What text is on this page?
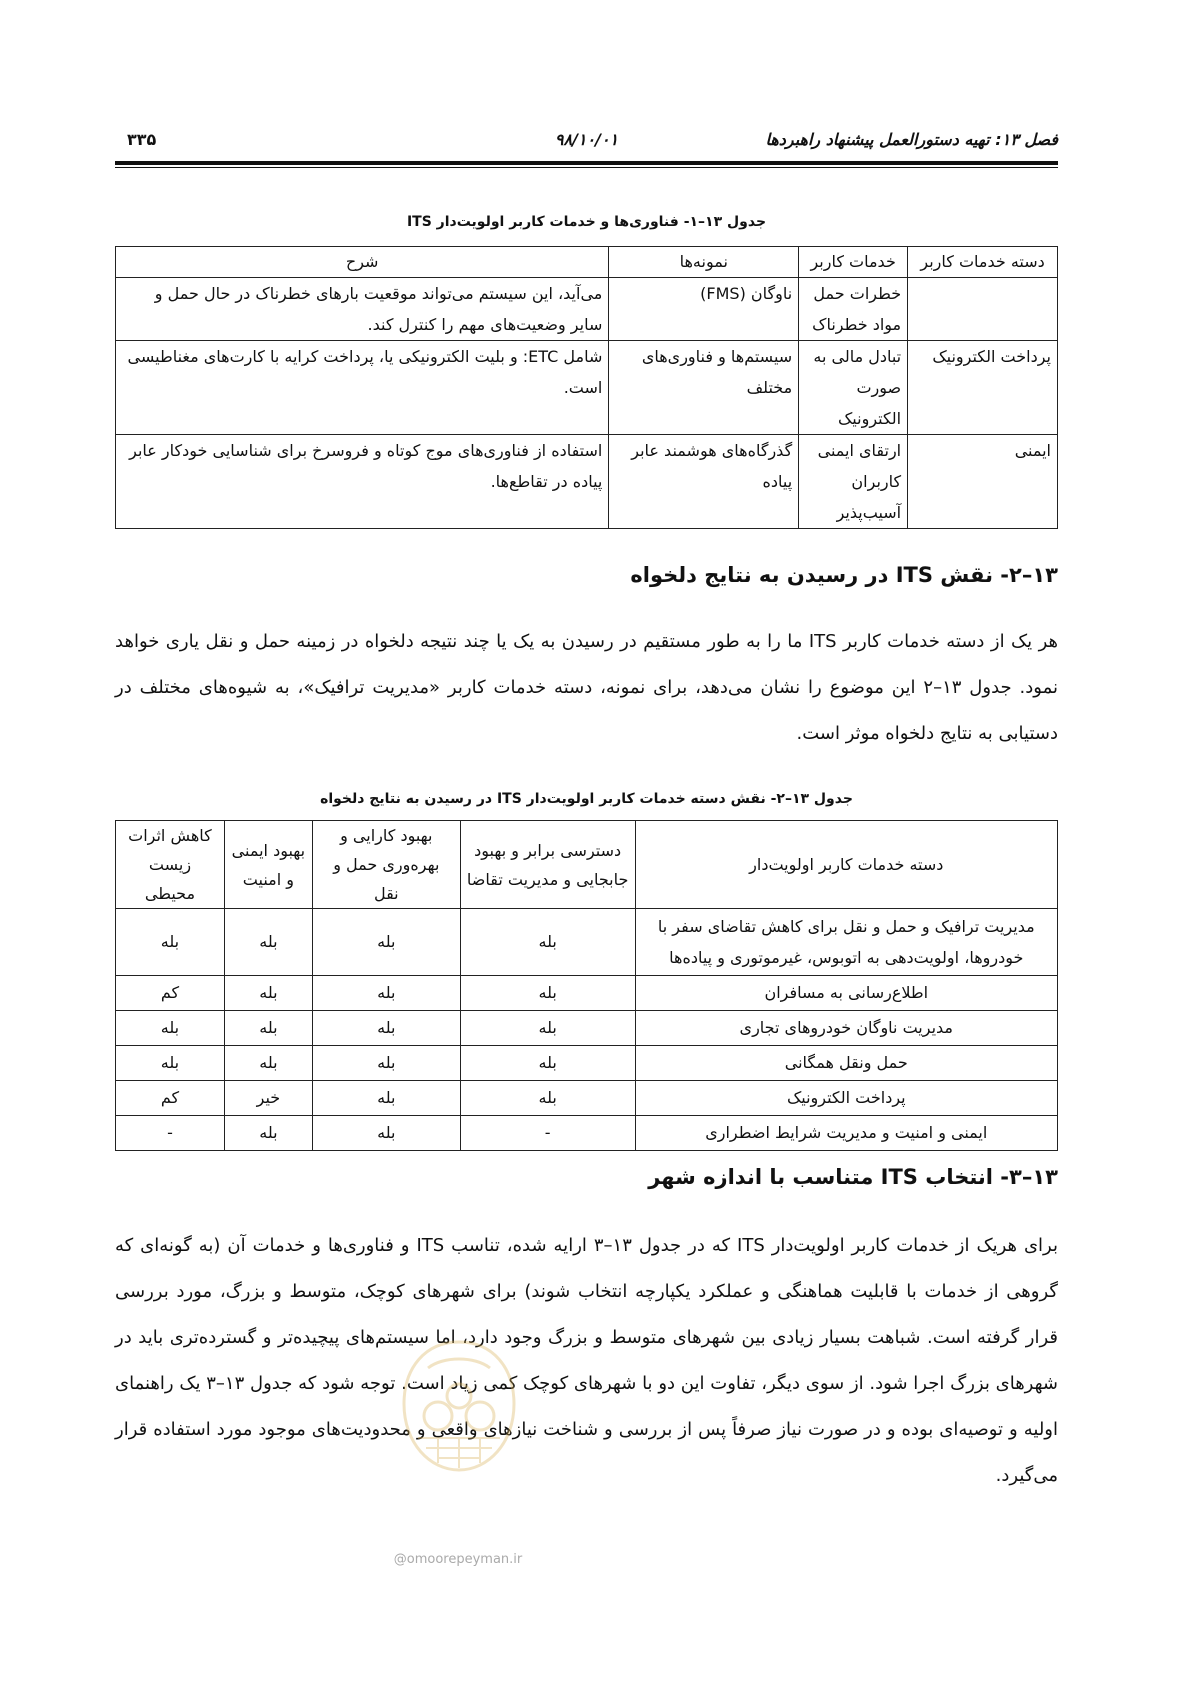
فصل ۱۳: تهیه دستورالعمل پیشنهاد راهبردها
۹۸/۱۰/۰۱
۳۳۵
جدول ۱۳–۱- فناوری‌ها و خدمات کاربر اولویت‌دار ITS
دسته خدمات کاربر	خدمات کاربر	نمونه‌ها	شرح
	خطرات حمل مواد خطرناک	ناوگان (FMS)	می‌آید، این سیستم می‌تواند موقعیت بارهای خطرناک در حال حمل و سایر وضعیت‌های مهم را کنترل کند.
پرداخت الکترونیک	تبادل مالی به صورت الکترونیک	سیستم‌ها و فناوری‌های مختلف	شامل ETC: و بلیت الکترونیکی یا، پرداخت کرایه با کارت‌های مغناطیسی است.
ایمنی	ارتقای ایمنی کاربران آسیب‌پذیر	گذرگاه‌های هوشمند عابر پیاده	استفاده از فناوری‌های موج کوتاه و فروسرخ برای شناسایی خودکار عابر پیاده در تقاطع‌ها.
۱۳–۲- نقش ITS در رسیدن به نتایج دلخواه
هر یک از دسته خدمات کاربر ITS ما را به طور مستقیم در رسیدن به یک یا چند نتیجه دلخواه در زمینه حمل و نقل یاری خواهد نمود. جدول ۱۳–۲ این موضوع را نشان می‌دهد، برای نمونه، دسته خدمات کاربر «مدیریت ترافیک»، به شیوه‌های مختلف در دستیابی به نتایج دلخواه موثر است.
جدول ۱۳–۲- نقش دسته خدمات کاربر اولویت‌دار ITS در رسیدن به نتایج دلخواه
دسته خدمات کاربر اولویت‌دار	دسترسی برابر و بهبود جابجایی و مدیریت تقاضا	بهبود کارایی و بهره‌وری حمل و نقل	بهبود ایمنی و امنیت	کاهش اثرات زیست محیطی
مدیریت ترافیک و حمل و نقل برای کاهش تقاضای سفر با خودروها، اولویت‌دهی به اتوبوس، غیرموتوری و پیاده‌ها	بله	بله	بله	بله
اطلاع‌رسانی به مسافران	بله	بله	بله	کم
مدیریت ناوگان خودروهای تجاری	بله	بله	بله	بله
حمل ونقل همگانی	بله	بله	بله	بله
پرداخت الکترونیک	بله	بله	خیر	کم
ایمنی و امنیت و مدیریت شرایط اضطراری	-	بله	بله	-
۱۳–۳- انتخاب ITS متناسب با اندازه شهر
برای هریک از خدمات کاربر اولویت‌دار ITS که در جدول ۱۳–۳ ارایه شده، تناسب ITS و فناوری‌ها و خدمات آن (به گونه‌ای که گروهی از خدمات با قابلیت هماهنگی و عملکرد یکپارچه انتخاب شوند) برای شهرهای کوچک، متوسط و بزرگ، مورد بررسی قرار گرفته است. شباهت بسیار زیادی بین شهرهای متوسط و بزرگ وجود دارد، اما سیستم‌های پیچیده‌تر و گسترده‌تری باید در شهرهای بزرگ اجرا شود. از سوی دیگر، تفاوت این دو با شهرهای کوچک کمی زیاد است. توجه شود که جدول ۱۳–۳ یک راهنمای اولیه و توصیه‌ای بوده و در صورت نیاز صرفاً پس از بررسی و شناخت نیازهای واقعی و محدودیت‌های موجود مورد استفاده قرار می‌گیرد.
@omoorepeyman.ir
